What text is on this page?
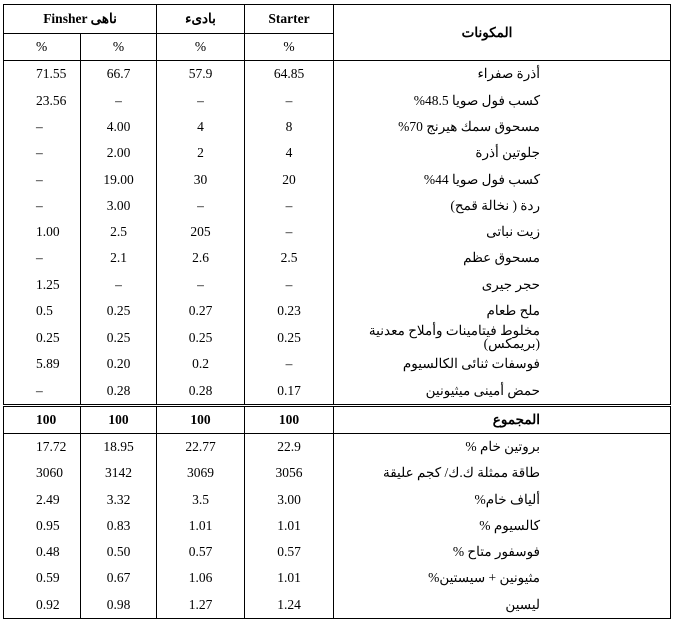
Finsher ناهى		بادىء	Starter	المكونات
%	%	%	%	
71.55	66.7	57.9	64.85	أذرة صفراء
23.56	–	–	–	كسب فول صويا 48.5%
–	4.00	4	8	مسحوق سمك هيرنج 70%
–	2.00	2	4	جلوتين أذرة
–	19.00	30	20	كسب فول صويا 44%
–	3.00	–	–	ردة ( نخالة قمح)
1.00	2.5	205	–	زيت نباتى
–	2.1	2.6	2.5	مسحوق عظم
1.25	–	–	–	حجر جيرى
0.5	0.25	0.27	0.23	ملح طعام
0.25	0.25	0.25	0.25	مخلوط فيتامينات وأملاح معدنية (بريمكس)
5.89	0.20	0.2	–	فوسفات ثنائى الكالسيوم
–	0.28	0.28	0.17	حمض أمينى ميثيونين
100	100	100	100	المجموع
17.72	18.95	22.77	22.9	بروتين خام %
3060	3142	3069	3056	طاقة ممثلة ك.ك/ كجم عليقة
2.49	3.32	3.5	3.00	ألياف خام%
0.95	0.83	1.01	1.01	كالسيوم %
0.48	0.50	0.57	0.57	فوسفور متاح %
0.59	0.67	1.06	1.01	مثيونين + سيستين%
0.92	0.98	1.27	1.24	ليسين
